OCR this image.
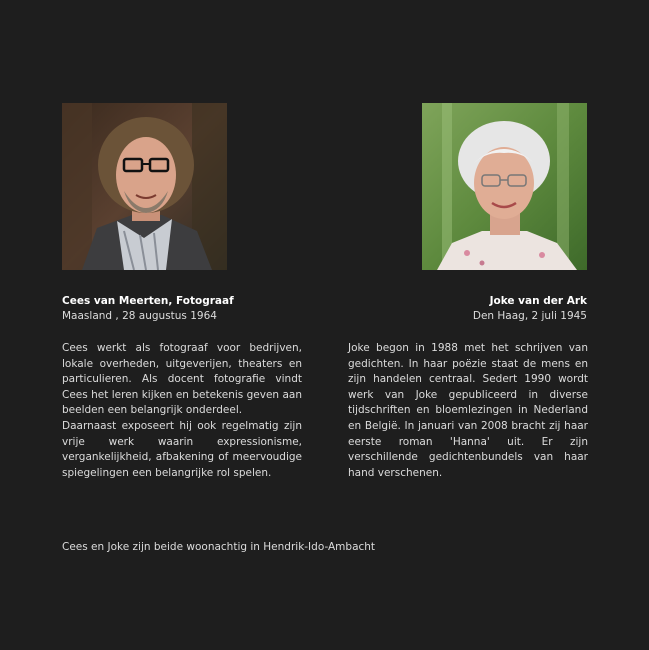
Cees van Meerten, Fotograaf
Maasland , 28 augustus 1964
Joke van der Ark
Den Haag, 2 juli 1945

Cees werkt als fotograaf voor bedrijven, lokale overheden, uitgeverijen, theaters en particulieren. Als docent fotografie vindt Cees het leren kijken en betekenis geven aan beelden een belangrijk onderdeel.

Daarnaast exposeert hij ook regelmatig zijn vrije werk waarin expressionisme, vergankelijkheid, afbakening of meervoudige spiegelingen een belangrijke rol spelen.

Joke begon in 1988 met het schrijven van gedichten. In haar poëzie staat de mens en zijn handelen centraal. Sedert 1990 wordt werk van Joke gepubliceerd in diverse tijdschriften en bloemlezingen in Nederland en België. In januari van 2008 bracht zij haar eerste roman 'Hanna' uit. Er zijn verschillende gedichtenbundels van haar hand verschenen.

Cees en Joke zijn beide woonachtig in Hendrik-Ido-Ambacht
